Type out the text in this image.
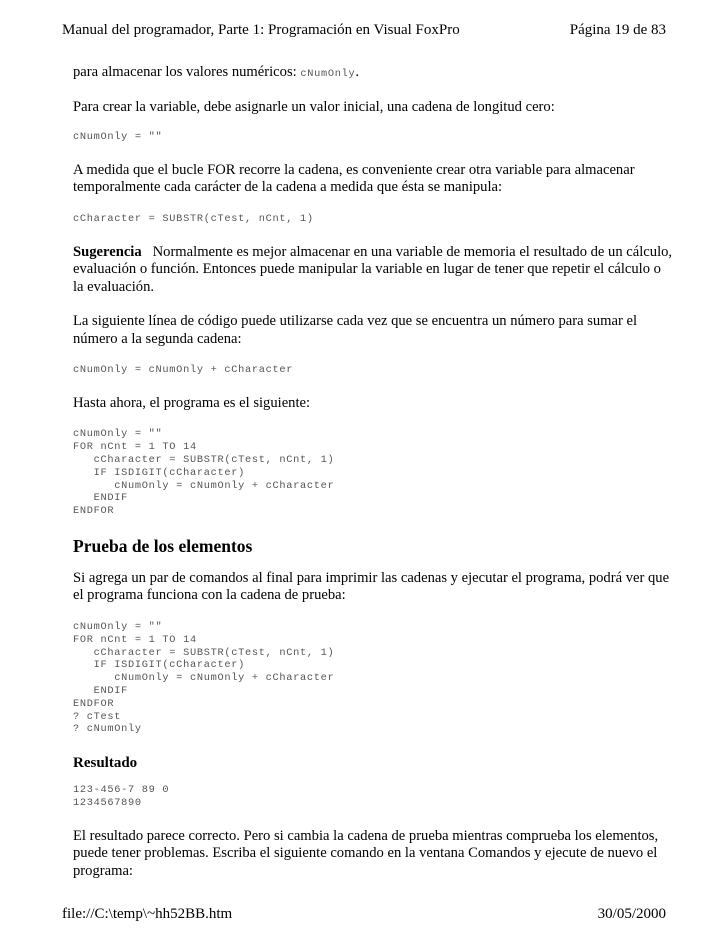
Manual del programador, Parte 1: Programación en Visual FoxPro	Página 19 de 83

para almacenar los valores numéricos: cNumOnly.

Para crear la variable, debe asignarle un valor inicial, una cadena de longitud cero:

cNumOnly = ""

A medida que el bucle FOR recorre la cadena, es conveniente crear otra variable para almacenar temporalmente cada carácter de la cadena a medida que ésta se manipula:

cCharacter = SUBSTR(cTest, nCnt, 1)

Sugerencia Normalmente es mejor almacenar en una variable de memoria el resultado de un cálculo, evaluación o función. Entonces puede manipular la variable en lugar de tener que repetir el cálculo o la evaluación.

La siguiente línea de código puede utilizarse cada vez que se encuentra un número para sumar el número a la segunda cadena:

cNumOnly = cNumOnly + cCharacter

Hasta ahora, el programa es el siguiente:

cNumOnly = ""
FOR nCnt = 1 TO 14
cCharacter = SUBSTR(cTest, nCnt, 1)
IF ISDIGIT(cCharacter)
cNumOnly = cNumOnly + cCharacter
ENDIF
ENDFOR
Prueba de los elementos

Si agrega un par de comandos al final para imprimir las cadenas y ejecutar el programa, podrá ver que el programa funciona con la cadena de prueba:

cNumOnly = ""
FOR nCnt = 1 TO 14
cCharacter = SUBSTR(cTest, nCnt, 1)
IF ISDIGIT(cCharacter)
cNumOnly = cNumOnly + cCharacter
ENDIF
ENDFOR
? cTest
? cNumOnly
Resultado
123-456-7 89 0
1234567890

El resultado parece correcto. Pero si cambia la cadena de prueba mientras comprueba los elementos, puede tener problemas. Escriba el siguiente comando en la ventana Comandos y ejecute de nuevo el programa:

file://C:\temp\~hh52BB.htm	30/05/2000
